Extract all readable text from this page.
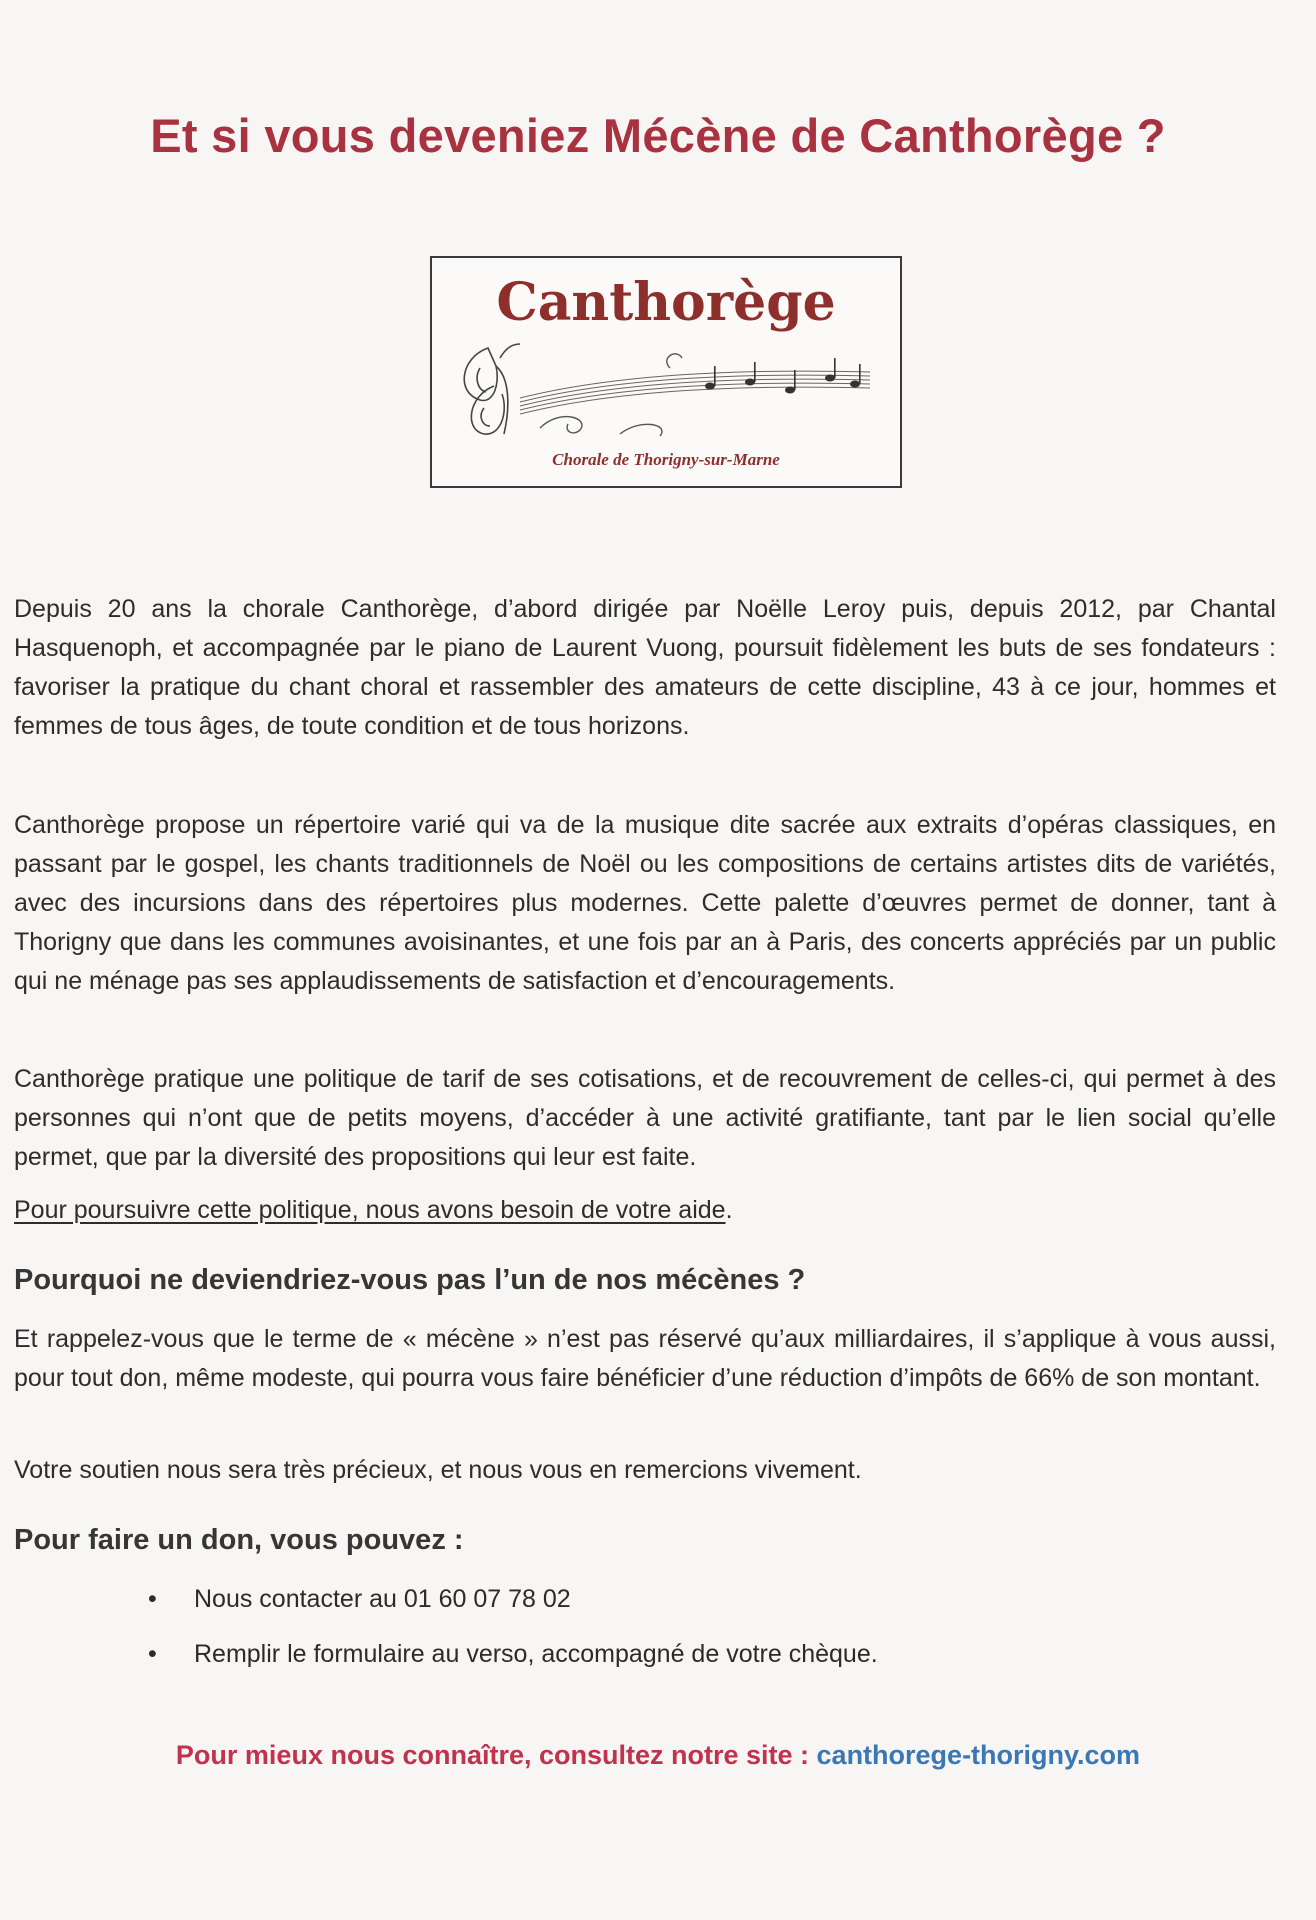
Et si vous deveniez Mécène de Canthorège ?
Canthorège
Chorale de Thorigny-sur-Marne
Depuis 20 ans la chorale Canthorège, d’abord dirigée par Noëlle Leroy puis, depuis 2012, par Chantal Hasquenoph, et accompagnée par le piano de Laurent Vuong, poursuit fidèlement les buts de ses fondateurs : favoriser la pratique du chant choral et rassembler des amateurs de cette discipline, 43 à ce jour, hommes et femmes de tous âges, de toute condition et de tous horizons.
Canthorège propose un répertoire varié qui va de la musique dite sacrée aux extraits d’opéras classiques, en passant par le gospel, les chants traditionnels de Noël ou les compositions de certains artistes dits de variétés, avec des incursions dans des répertoires plus modernes. Cette palette d’œuvres permet de donner, tant à Thorigny que dans les communes avoisinantes, et une fois par an à Paris, des concerts appréciés par un public qui ne ménage pas ses applaudissements de satisfaction et d’encouragements.
Canthorège pratique une politique de tarif de ses cotisations, et de recouvrement de celles-ci, qui permet à des personnes qui n’ont que de petits moyens, d’accéder à une activité gratifiante, tant par le lien social qu’elle permet, que par la diversité des propositions qui leur est faite.
Pour poursuivre cette politique, nous avons besoin de votre aide.
Pourquoi ne deviendriez-vous pas l’un de nos mécènes ?
Et rappelez-vous que le terme de « mécène » n’est pas réservé qu’aux milliardaires, il s’applique à vous aussi, pour tout don, même modeste, qui pourra vous faire bénéficier d’une réduction d’impôts de 66% de son montant.
Votre soutien nous sera très précieux, et nous vous en remercions vivement.
Pour faire un don, vous pouvez :
• Nous contacter au 01 60 07 78 02
• Remplir le formulaire au verso, accompagné de votre chèque.
Pour mieux nous connaître, consultez notre site : canthorege-thorigny.com
